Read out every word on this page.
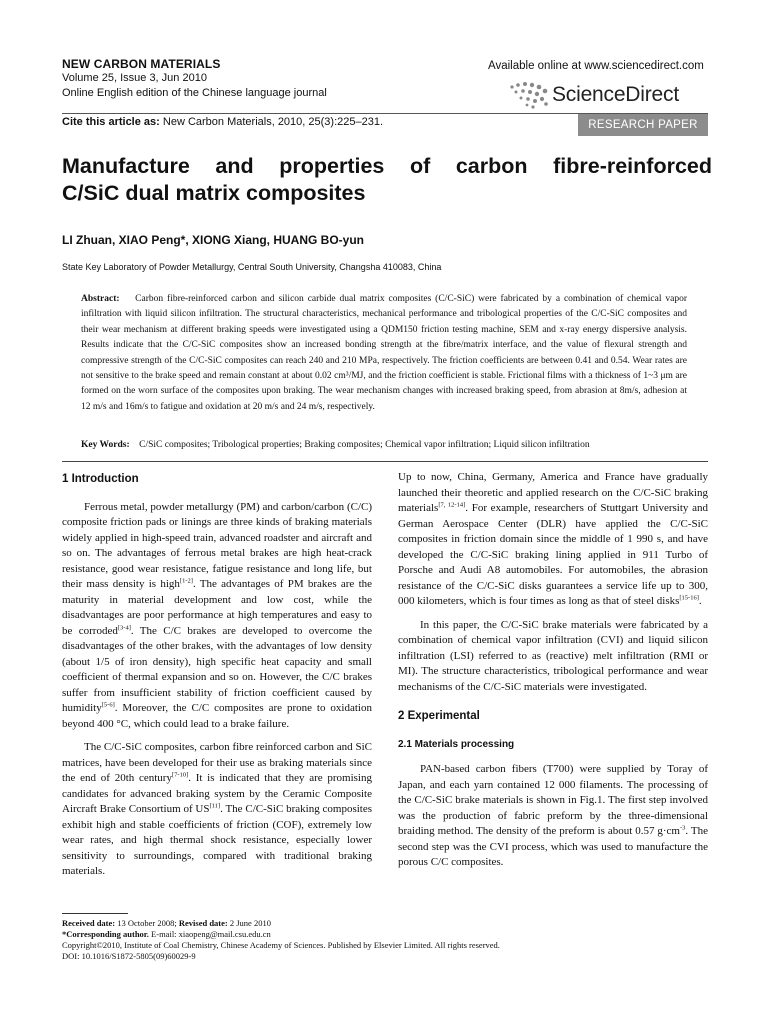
NEW CARBON MATERIALS
Volume 25, Issue 3, Jun 2010
Online English edition of the Chinese language journal
Available online at www.sciencedirect.com
ScienceDirect
Cite this article as: New Carbon Materials, 2010, 25(3):225–231.	RESEARCH PAPER
Manufacture and properties of carbon fibre-reinforced
C/SiC dual matrix composites
LI Zhuan, XIAO Peng*, XIONG Xiang, HUANG BO-yun
State Key Laboratory of Powder Metallurgy, Central South University, Changsha 410083, China
Abstract: Carbon fibre-reinforced carbon and silicon carbide dual matrix composites (C/C-SiC) were fabricated by a combination of chemical vapor infiltration with liquid silicon infiltration. The structural characteristics, mechanical performance and tribological properties of the C/C-SiC composites and their wear mechanism at different braking speeds were investigated using a QDM150 friction testing machine, SEM and x-ray energy dispersive analysis. Results indicate that the C/C-SiC composites show an increased bonding strength at the fibre/matrix interface, and the value of flexural strength and compressive strength of the C/C-SiC composites can reach 240 and 210 MPa, respectively. The friction coefficients are between 0.41 and 0.54. Wear rates are not sensitive to the brake speed and remain constant at about 0.02 cm³/MJ, and the friction coefficient is stable. Frictional films with a thickness of 1~3 μm are formed on the worn surface of the composites upon braking. The wear mechanism changes with increased braking speed, from abrasion at 8m/s, adhesion at 12 m/s and 16m/s to fatigue and oxidation at 20 m/s and 24 m/s, respectively.
Key Words: C/SiC composites; Tribological properties; Braking composites; Chemical vapor infiltration; Liquid silicon infiltration
1 Introduction

Ferrous metal, powder metallurgy (PM) and carbon/carbon (C/C) composite friction pads or linings are three kinds of braking materials widely applied in high-speed train, advanced roadster and aircraft and so on. The advantages of ferrous metal brakes are high heat-crack resistance, good wear resistance, fatigue resistance and long life, but their mass density is high[1-2]. The advantages of PM brakes are the maturity in material development and low cost, while the disadvantages are poor performance at high temperatures and easy to be corroded[3-4]. The C/C brakes are developed to overcome the disadvantages of the other brakes, with the advantages of low density (about 1/5 of iron density), high specific heat capacity and small coefficient of thermal expansion and so on. However, the C/C brakes suffer from insufficient stability of friction coefficient caused by humidity[5-6]. Moreover, the C/C composites are prone to oxidation beyond 400 °C, which could lead to a brake failure.

The C/C-SiC composites, carbon fibre reinforced carbon and SiC matrices, have been developed for their use as braking materials since the end of 20th century[7-10]. It is indicated that they are promising candidates for advanced braking system by the Ceramic Composite Aircraft Brake Consortium of US[11]. The C/C-SiC braking composites exhibit high and stable coefficients of friction (COF), extremely low wear rates, and high thermal shock resistance, especially lower sensitivity to surroundings, compared with traditional braking materials.

Up to now, China, Germany, America and France have gradually launched their theoretic and applied research on the C/C-SiC braking materials[7, 12-14]. For example, researchers of Stuttgart University and German Aerospace Center (DLR) have applied the C/C-SiC composites in friction domain since the middle of 1 990 s, and have developed the C/C-SiC braking lining applied in 911 Turbo of Porsche and Audi A8 automobiles. For automobiles, the abrasion resistance of the C/C-SiC disks guarantees a service life up to 300, 000 kilometers, which is four times as long as that of steel disks[15-16].

In this paper, the C/C-SiC brake materials were fabricated by a combination of chemical vapor infiltration (CVI) and liquid silicon infiltration (LSI) referred to as (reactive) melt infiltration (RMI or MI). The structure characteristics, tribological performance and wear mechanisms of the C/C-SiC materials were investigated.

2 Experimental
2.1 Materials processing

PAN-based carbon fibers (T700) were supplied by Toray of Japan, and each yarn contained 12 000 filaments. The processing of the C/C-SiC brake materials is shown in Fig.1. The first step involved was the production of fabric preform by the three-dimensional braiding method. The density of the preform is about 0.57 $g\cdot cm^{-3}$. The second step was the CVI process, which was used to manufacture the porous C/C composites.

Received date: 13 October 2008; Revised date: 2 June 2010
*Corresponding author. E-mail: xiaopeng@mail.csu.edu.cn
Copyright©2010, Institute of Coal Chemistry, Chinese Academy of Sciences. Published by Elsevier Limited. All rights reserved.
DOI: 10.1016/S1872-5805(09)60029-9
